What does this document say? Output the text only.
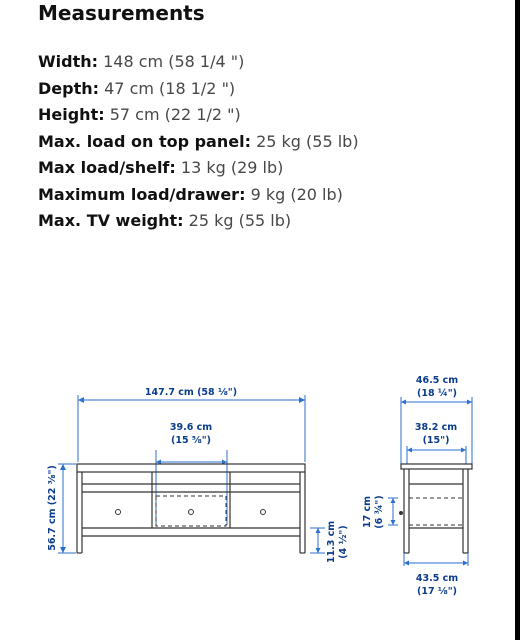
Measurements
Width: 148 cm (58 1/4 ")
Depth: 47 cm (18 1/2 ")
Height: 57 cm (22 1/2 ")
Max. load on top panel: 25 kg (55 lb)
Max load/shelf: 13 kg (29 lb)
Maximum load/drawer: 9 kg (20 lb)
Max. TV weight: 25 kg (55 lb)
147.7 cm (58 ⅛")
39.6 cm
(15 ⅝")
56.7 cm (22 ⅜")	11.3 cm (4 ½")
17 cm (6 ¾")
46.5 cm
(18 ¼")
38.2 cm
(15")
43.5 cm
(17 ⅛")
